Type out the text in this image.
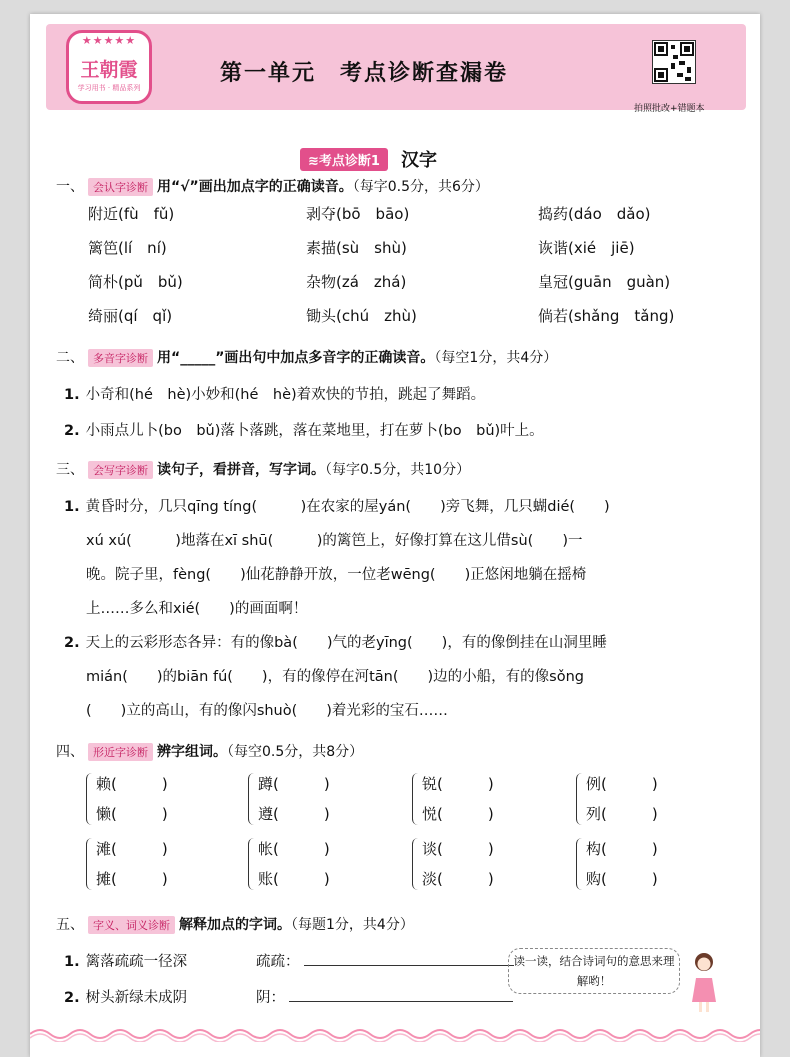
★★★★★
王朝霞
学习用书 · 精品系列
第一单元　考点诊断查漏卷
拍照批改+错题本
≋考点诊断1 汉字
一、 会认字诊断 用“√”画出加点字的正确读音。（每字0.5分，共6分）
附近(fù　fǔ)	剥夺(bō　bāo)	捣药(dáo　dǎo)
篱笆(lí　ní)	素描(sù　shù)	诙谐(xié　jiē)
简朴(pǔ　bǔ)	杂物(zá　zhá)	皇冠(guān　guàn)
绮丽(qí　qǐ)	锄头(chú　zhù)	倘若(shǎng　tǎng)
二、 多音字诊断 用“_____”画出句中加点多音字的正确读音。（每空1分，共4分）
1. 小奇和(hé　hè)小妙和(hé　hè)着欢快的节拍，跳起了舞蹈。
2. 小雨点儿卜(bo　bǔ)落卜落跳，落在菜地里，打在萝卜(bo　bǔ)叶上。
三、 会写字诊断 读句子，看拼音，写字词。（每字0.5分，共10分）
1. 黄昏时分，几只qīng tíng(　　　)在农家的屋yán(　　)旁飞舞，几只蝴dié(　　)
xú xú(　　　)地落在xī shū(　　　)的篱笆上，好像打算在这儿借sù(　　)一
晚。院子里，fèng(　　)仙花静静开放，一位老wēng(　　)正悠闲地躺在摇椅
上……多么和xié(　　)的画面啊！
2. 天上的云彩形态各异：有的像bà(　　)气的老yīng(　　)，有的像倒挂在山洞里睡
mián(　　)的biān fú(　　)，有的像停在河tān(　　)边的小船，有的像sǒng
(　　)立的高山，有的像闪shuò(　　)着光彩的宝石……
四、 形近字诊断 辨字组词。（每空0.5分，共8分）
赖(　　　)
懒(　　　)
蹲(　　　)
遵(　　　)
锐(　　　)
悦(　　　)
例(　　　)
列(　　　)
滩(　　　)
摊(　　　)
帐(　　　)
账(　　　)
谈(　　　)
淡(　　　)
构(　　　)
购(　　　)
五、 字义、词义诊断 解释加点的字词。（每题1分，共4分）
1. 篱落疏疏一径深	疏疏：
2. 树头新绿未成阴	阴：
读一读，结合诗词句的意思来理解哟！
